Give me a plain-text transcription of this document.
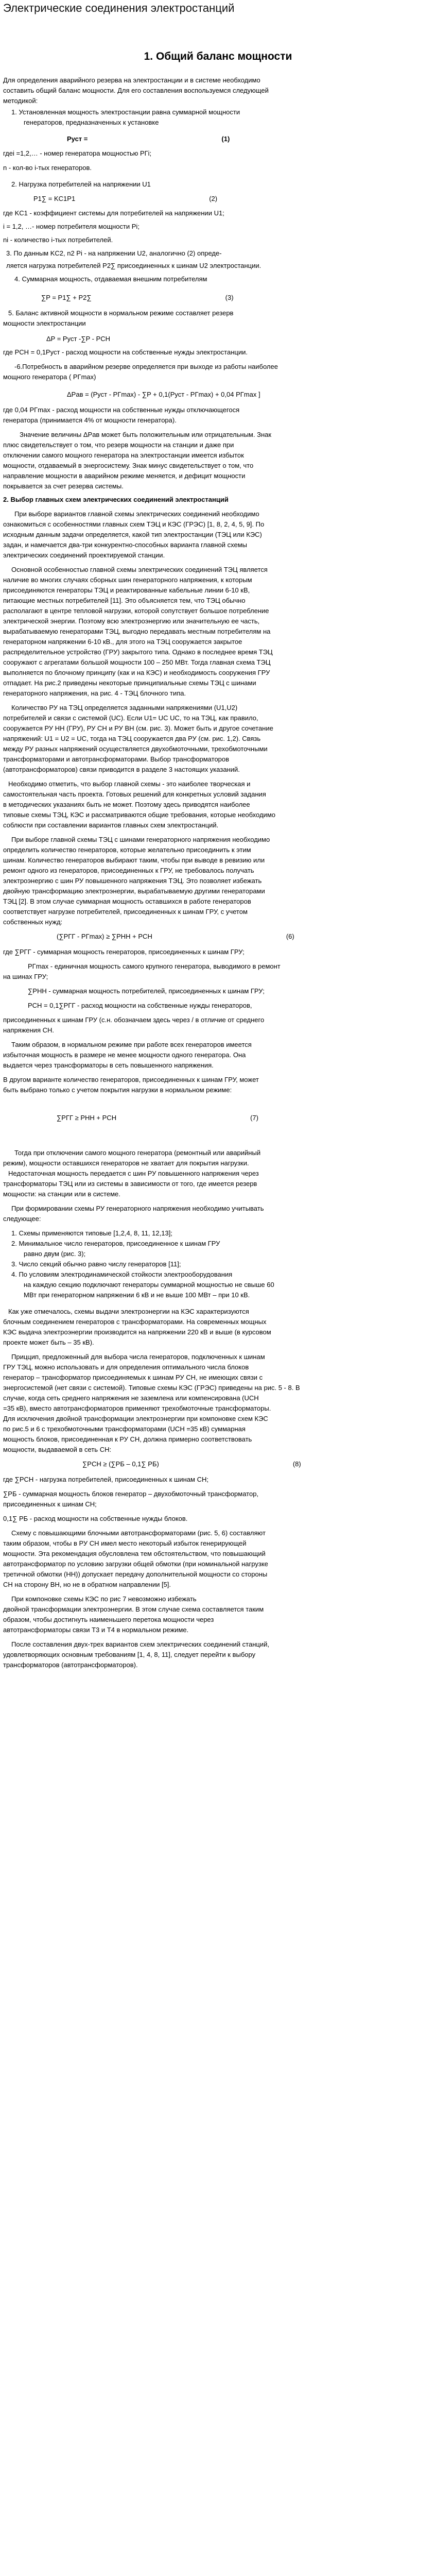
Электрические соединения электростанций
1. Общий баланс мощности
Для определения аварийного резерва на электростанции и в системе необходимо
составить общий баланс мощности. Для его составления воспользуемся следующей
методикой:
1. Установленная мощность электростанции равна суммарной мощности
генераторов, предназначенных к установке
Pуст =	(1)
гдеi =1,2,… - номер генератора мощностью PГi;
n - кол-во i-тых генераторов.
2. Нагрузка потребителей на напряжении U1
P1∑ = KС1P1	(2)
где KС1 - коэффициент системы для потребителей на напряжении U1;
i = 1,2, …- номер потребителя мощности Pi;
ni - количество i-тых потребителей.
3. По данным KС2, n2 Pi - на напряжении U2, аналогично (2) опреде-
ляется нагрузка потребителей P2∑ присоединенных к шинам U2 электростанции.
4. Суммарная мощность, отдаваемая внешним потребителям
∑P = P1∑ + P2∑	(3)
5. Баланс активной мощности в нормальном режиме составляет резерв
мощности электростанции
ΔP = Pуст -∑P - PСН
где PСН = 0,1Pуст - расход мощности на собственные нужды электростанции.
-6.Потребность в аварийном резерве определяется при выходе из работы наиболее
мощного генератора ( PГmax)
ΔPав = (Pуст - PГmax) - ∑P + 0,1(Pуст - PГmax) + 0,04 PГmax ]
где 0,04 PГmax - расход мощности на собственные нужды отключающегося
генератора (принимается 4% от мощности генератора).
Значение величины ΔPав может быть положительным или отрицательным. Знак
плюс свидетельствует о том, что резерв мощности на станции и даже при
отключении самого мощного генератора на электростанции имеется избыток
мощности, отдаваемый в энергосистему. Знак минус свидетельствует о том, что
направление мощности в аварийном режиме меняется, и дефицит мощности
покрывается за счет резерва системы.
2. Выбор главных схем электрических соединений электростанций
При выборе вариантов главной схемы электрических соединений необходимо
ознакомиться с особенностями главных схем ТЭЦ и КЭС (ГРЭС) [1, 8, 2, 4, 5, 9]. По
исходным данным задачи определяется, какой тип электростанции (ТЭЦ или КЭС)
задан, и намечается два-три конкурентно-способных варианта главной схемы
электрических соединений проектируемой станции.
Основной особенностью главной схемы электрических соединений ТЭЦ является
наличие во многих случаях сборных шин генераторного напряжения, к которым
присоединяются генераторы ТЭЦ и реактированные кабельные линии 6-10 кВ,
питающие местных потребителей [11]. Это объясняется тем, что ТЭЦ обычно
располагают в центре тепловой нагрузки, которой сопутствует большое потребление
электрической энергии. Поэтому всю электроэнергию или значительную ее часть,
вырабатываемую генераторами ТЭЦ, выгодно передавать местным потребителям на
генераторном напряжении 6-10 кВ., для этого на ТЭЦ сооружается закрытое
распределительное устройство (ГРУ) закрытого типа. Однако в последнее время ТЭЦ
сооружают с агрегатами большой мощности 100 – 250 МВт. Тогда главная схема ТЭЦ
выполняется по блочному принципу (как и на КЭС) и необходимость сооружения ГРУ
отпадает. На рис.2 приведены некоторые принципиальные схемы ТЭЦ с шинами
генераторного напряжения, на рис. 4 - ТЭЦ блочного типа.
Количество РУ на ТЭЦ определяется заданными напряжениями (U1,U2)
потребителей и связи с системой (UС). Если U1= UС UС, то на ТЭЦ, как правило,
сооружается РУ НН (ГРУ), РУ СН и РУ ВН (см. рис. 3). Может быть и другое сочетание
напряжений: U1 = U2 = UС, тогда на ТЭЦ сооружается два РУ (см. рис. 1,2). Связь
между РУ разных напряжений осуществляется двухобмоточными, трехобмоточными
трансформаторами и автотрансформаторами. Выбор трансформаторов
(автотрансформаторов) связи приводится в разделе 3 настоящих указаний.
Необходимо отметить, что выбор главной схемы - это наиболее творческая и
самостоятельная часть проекта. Готовых решений для конкретных условий задания
в методических указаниях быть не может. Поэтому здесь приводятся наиболее
типовые схемы ТЭЦ, КЭС и рассматриваются общие требования, которые необходимо
соблюсти при составлении вариантов главных схем электростанций.
При выборе главной схемы ТЭЦ с шинами генераторного напряжения необходимо
определить количество генераторов, которые желательно присоединить к этим
шинам. Количество генераторов выбирают таким, чтобы при выводе в ревизию или
ремонт одного из генераторов, присоединенных к ГРУ, не требовалось получать
электроэнергию с шин РУ повышенного напряжения ТЭЦ. Это позволяет избежать
двойную трансформацию электроэнергии, вырабатываемую другими генераторами
ТЭЦ [2]. В этом случае суммарная мощность оставшихся в работе генераторов
соответствует нагрузке потребителей, присоединенных к шинам ГРУ, с учетом
собственных нужд:
(∑PГГ - PГmax) ≥ ∑PНН + PСН	(6)
где ∑PГГ - суммарная мощность генераторов, присоединенных к шинам ГРУ;
PГmax - единичная мощность самого крупного генератора, выводимого в ремонт
на шинах ГРУ;
∑PНН - суммарная мощность потребителей, присоединенных к шинам ГРУ;
PСН = 0,1∑PГГ - расход мощности на собственные нужды генераторов,
присоединенных к шинам ГРУ (с.н. обозначаем здесь через / в отличие от среднего
напряжения СН.
Таким образом, в нормальном режиме при работе всех генераторов имеется
избыточная мощность в размере не менее мощности одного генератора. Она
выдается через трансформаторы в сеть повышенного напряжения.
В другом варианте количество генераторов, присоединенных к шинам ГРУ, может
быть выбрано только с учетом покрытия нагрузки в нормальном режиме:
∑PГГ ≥ PНН + PСН	(7)
Тогда при отключении самого мощного генератора (ремонтный или аварийный
режим), мощности оставшихся генераторов не хватает для покрытия нагрузки.
Недостаточная мощность передается с шин РУ повышенного напряжения через
трансформаторы ТЭЦ или из системы в зависимости от того, где имеется резерв
мощности: на станции или в системе.
При формировании схемы РУ генераторного напряжения необходимо учитывать
следующее:
1. Схемы применяются типовые [1,2,4, 8, 11, 12,13];
2. Минимальное число генераторов, присоединенное к шинам ГРУ
равно двум (рис. 3);
3. Число секций обычно равно числу генераторов [11];
4. По условиям электродинамической стойкости электрооборудования
на каждую секцию подключают генераторы суммарной мощностью не свыше 60
МВт при генераторном напряжении 6 кВ и не выше 100 МВт – при 10 кВ.
Как уже отмечалось, схемы выдачи электроэнергии на КЭС характеризуются
блочным соединением генераторов с трансформаторами. На современных мощных
КЭС выдача электроэнергии производится на напряжении 220 кВ и выше (в курсовом
проекте может быть – 35 кВ).
Приццип, предложенный для выбора числа генераторов, подключенных к шинам
ГРУ ТЭЦ, можно использовать и для определения оптимального числа блоков
генератор – трансформатор присоединяемых к шинам РУ СН, не имеющих связи с
энергосистемой (нет связи с системой). Типовые схемы КЭС (ГРЭС) приведены на рис. 5 - 8. В
случае, когда сеть среднего напряжения не заземлена или компенсирована (UСН
=35 кВ), вместо автотрансформаторов применяют трехобмоточные трансформаторы.
Для исключения двойной трансформации электроэнергии при компоновке схем КЭС
по рис.5 и 6 с трехобмоточными трансформаторами (UСН =35 кВ) суммарная
мощность блоков, присоединенная к РУ СН, должна примерно соответствовать
мощности, выдаваемой в сеть СН:
∑PСН ≥ (∑PБ – 0,1∑ PБ)	(8)
где ∑PСН - нагрузка потребителей, присоединенных к шинам СН;
∑PБ - суммарная мощность блоков генератор – двухобмоточный трансформатор,
присоединенных к шинам СН;
0,1∑ PБ - расход мощности на собственные нужды блоков.
Схему с повышающими блочными автотрансформаторами (рис. 5, 6) составляют
таким образом, чтобы в РУ СН имел место некоторый избыток генерирующей
мощности. Эта рекомендация обусловлена тем обстоятельством, что повышающий
автотрансформатор по условию загрузки общей обмотки (при номинальной нагрузке
третичной обмотки (НН)) допускает передачу дополнительной мощности со стороны
СН на сторону ВН, но не в обратном направлении [5].
При компоновке схемы КЭС по рис 7 невозможно избежать
двойной трансформации электроэнергии. В этом случае схема составляется таким
образом, чтобы достигнуть наименьшего перетока мощности через
автотрансформаторы связи Т3 и Т4 в нормальном режиме.
После составления двух-трех вариантов схем электрических соединений станций,
удовлетворяющих основным требованиям [1, 4, 8, 11], следует перейти к выбору
трансформаторов (автотрансформаторов).
